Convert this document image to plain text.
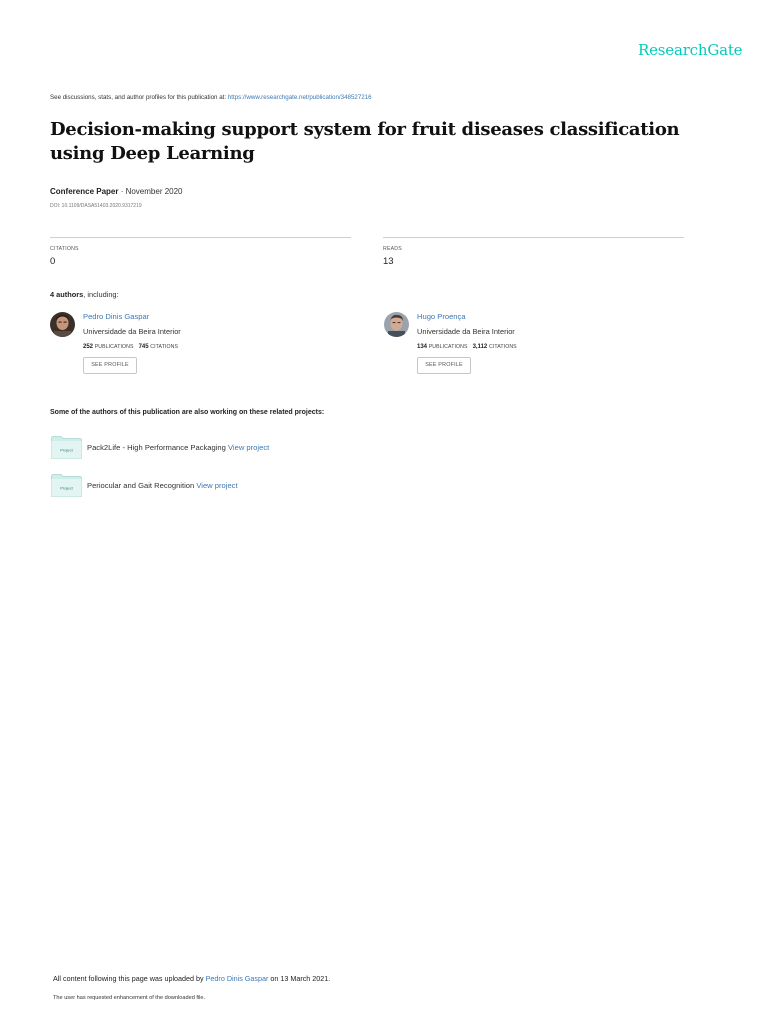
ResearchGate
See discussions, stats, and author profiles for this publication at: https://www.researchgate.net/publication/348527216
Decision-making support system for fruit diseases classification using Deep Learning
Conference Paper · November 2020
DOI: 10.1109/DASA51403.2020.9317219
CITATIONS
0
READS
13
4 authors, including:
Pedro Dinis Gaspar
Universidade da Beira Interior
252 PUBLICATIONS 745 CITATIONS
SEE PROFILE
Hugo Proença
Universidade da Beira Interior
134 PUBLICATIONS 3,112 CITATIONS
SEE PROFILE
Some of the authors of this publication are also working on these related projects:
Project Pack2Life - High Performance Packaging View project
Project Periocular and Gait Recognition View project
All content following this page was uploaded by Pedro Dinis Gaspar on 13 March 2021.
The user has requested enhancement of the downloaded file.
